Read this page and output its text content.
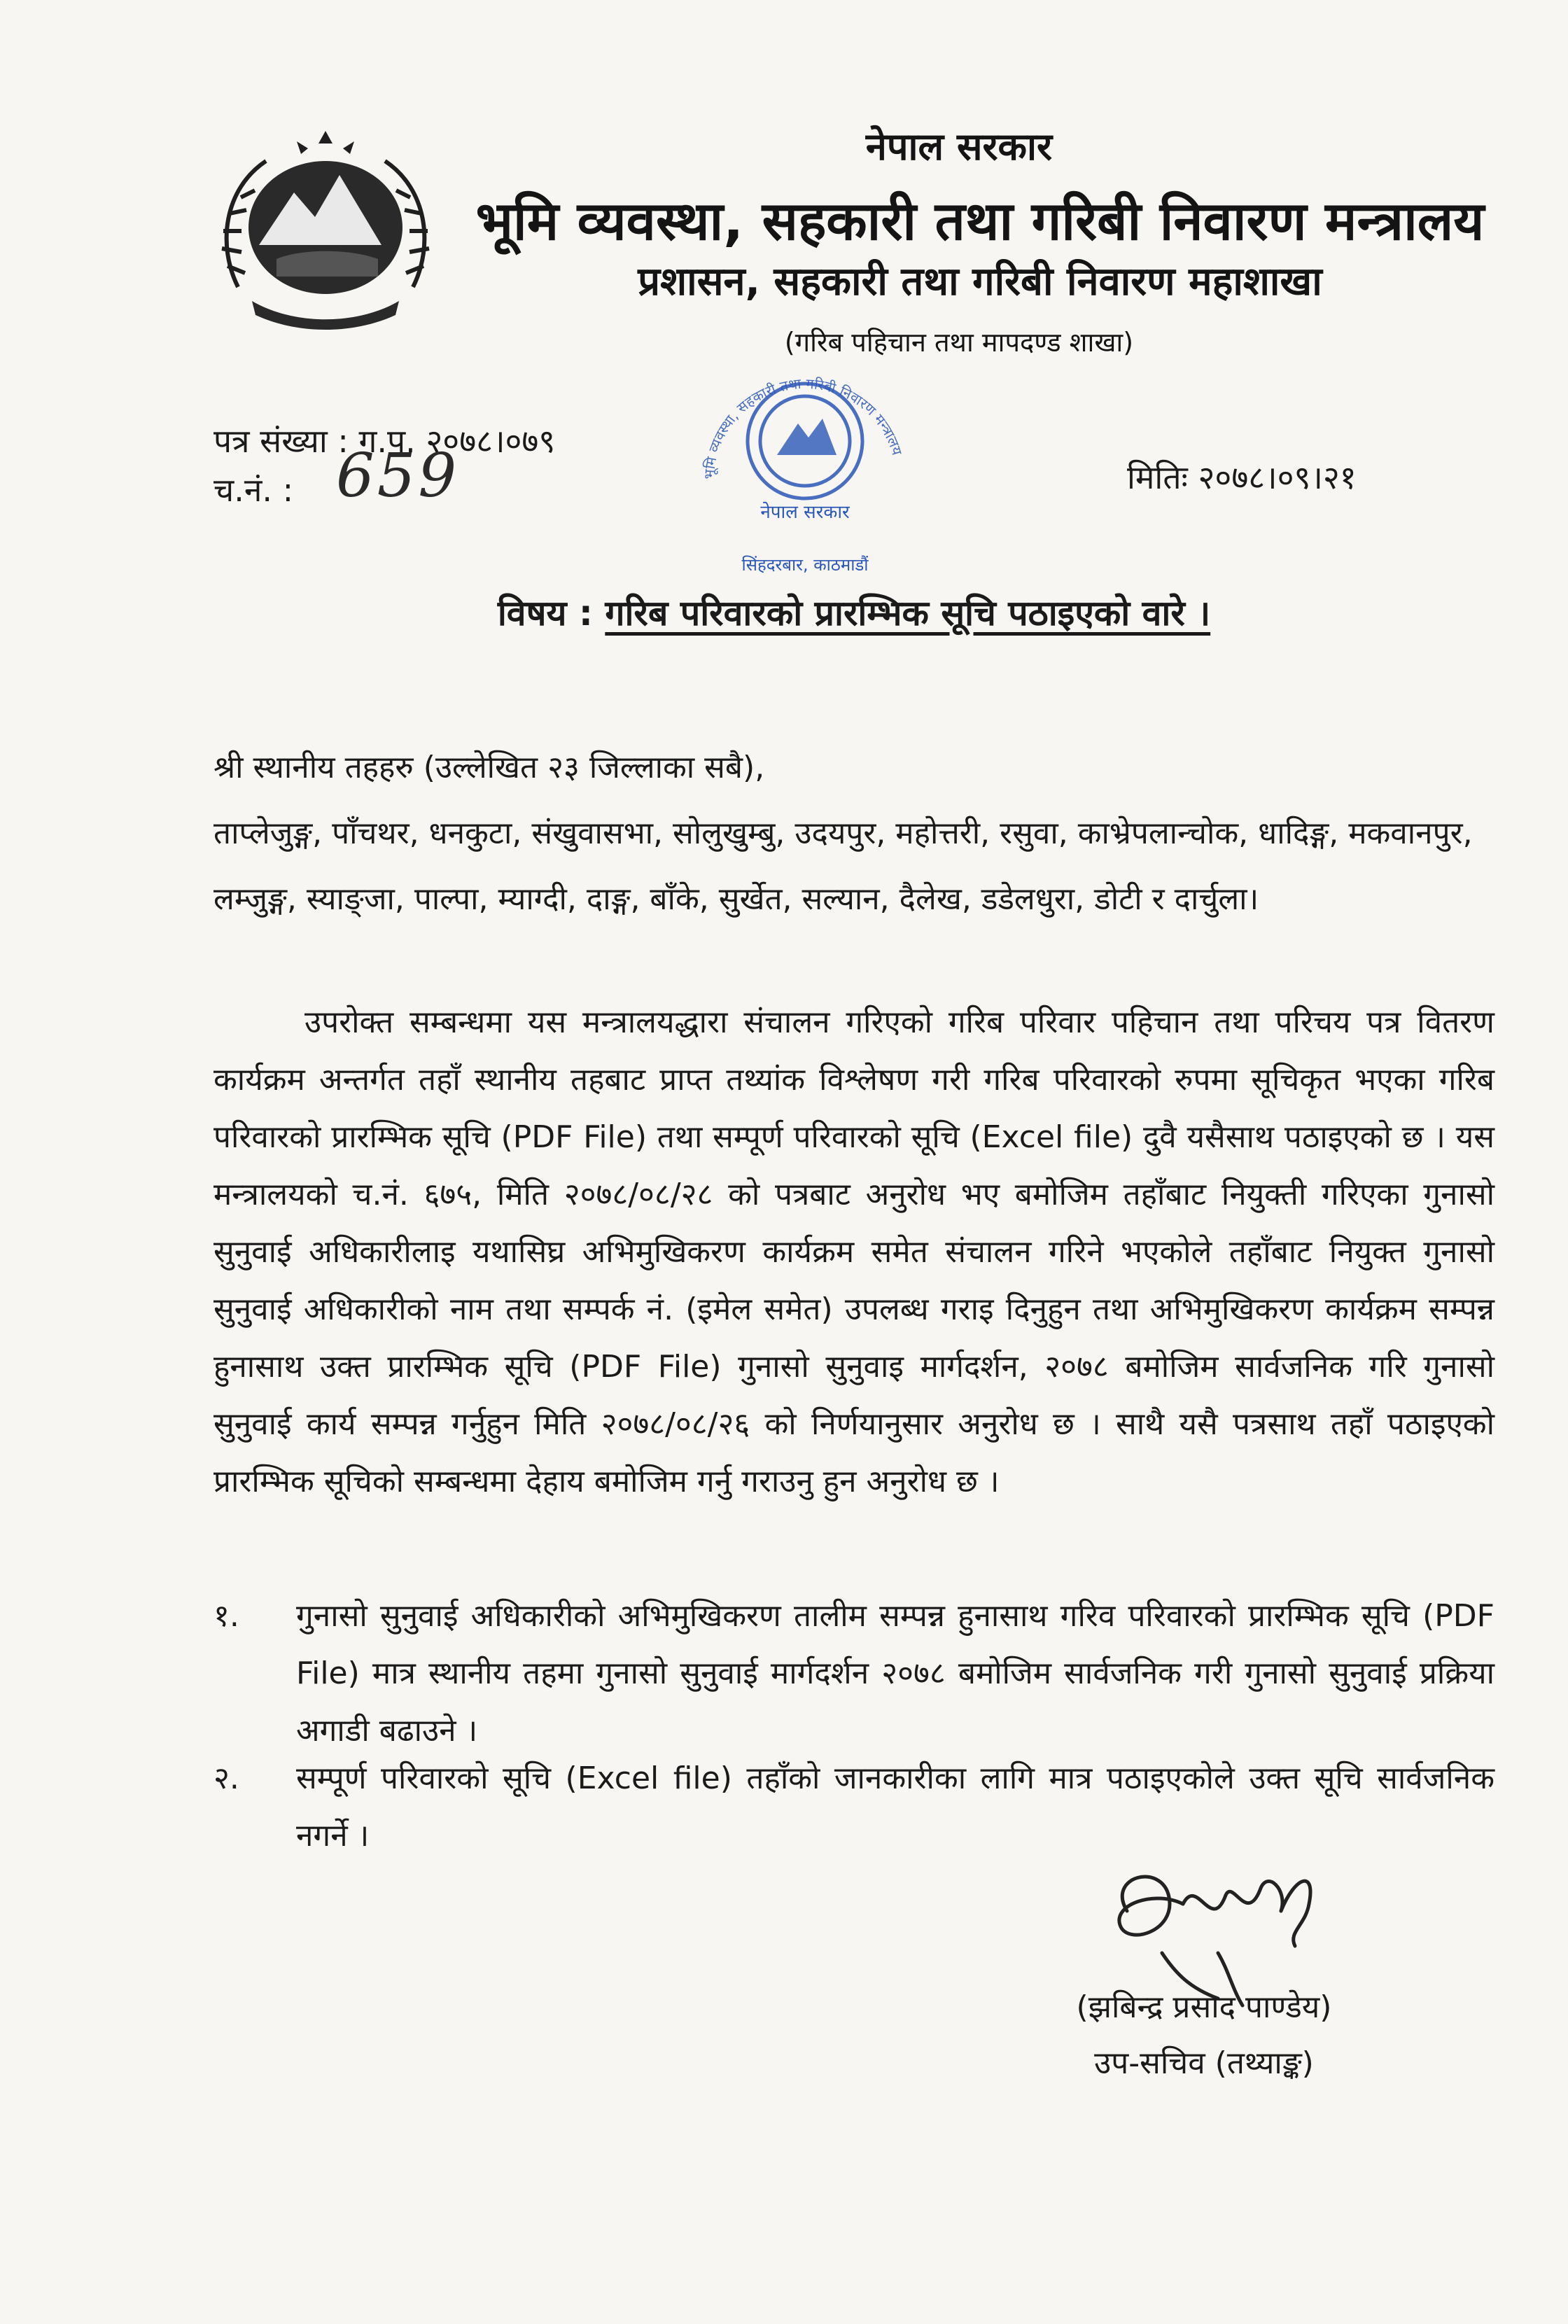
नेपाल सरकार
भूमि व्यवस्था, सहकारी तथा गरिबी निवारण मन्त्रालय
प्रशासन, सहकारी तथा गरिबी निवारण महाशाखा
(गरिब पहिचान तथा मापदण्ड शाखा)
नेपाल सरकार
भूमि व्यवस्था, सहकारी तथा गरिबी निवारण मन्त्रालय
सिंहदरबार, काठमाडौं
पत्र संख्या : ग.प. २०७८।०७९
च.नं. : 659	मितिः २०७८।०९।२१
विषय : गरिब परिवारको प्रारम्भिक सूचि पठाइएको वारे ।
श्री स्थानीय तहहरु (उल्लेखित २३ जिल्लाका सबै),
ताप्लेजुङ्ग, पाँचथर, धनकुटा, संखुवासभा, सोलुखुम्बु, उदयपुर, महोत्तरी, रसुवा, काभ्रेपलान्चोक, धादिङ्ग, मकवानपुर, लम्जुङ्ग, स्याङ्जा, पाल्पा, म्याग्दी, दाङ्ग, बाँके, सुर्खेत, सल्यान, दैलेख, डडेलधुरा, डोटी र दार्चुला।
उपरोक्त सम्बन्धमा यस मन्त्रालयद्धारा संचालन गरिएको गरिब परिवार पहिचान तथा परिचय पत्र वितरण कार्यक्रम अन्तर्गत तहाँ स्थानीय तहबाट प्राप्त तथ्यांक विश्लेषण गरी गरिब परिवारको रुपमा सूचिकृत भएका गरिब परिवारको प्रारम्भिक सूचि (PDF File) तथा सम्पूर्ण परिवारको सूचि (Excel file) दुवै यसैसाथ पठाइएको छ । यस मन्त्रालयको च.नं. ६७५, मिति २०७८/०८/२८ को पत्रबाट अनुरोध भए बमोजिम तहाँबाट नियुक्ती गरिएका गुनासो सुनुवाई अधिकारीलाइ यथासिघ्र अभिमुखिकरण कार्यक्रम समेत संचालन गरिने भएकोले तहाँबाट नियुक्त गुनासो सुनुवाई अधिकारीको नाम तथा सम्पर्क नं. (इमेल समेत) उपलब्ध गराइ दिनुहुन तथा अभिमुखिकरण कार्यक्रम सम्पन्न हुनासाथ उक्त प्रारम्भिक सूचि (PDF File) गुनासो सुनुवाइ मार्गदर्शन, २०७८ बमोजिम सार्वजनिक गरि गुनासो सुनुवाई कार्य सम्पन्न गर्नुहुन मिति २०७८/०८/२६ को निर्णयानुसार अनुरोध छ । साथै यसै पत्रसाथ तहाँ पठाइएको प्रारम्भिक सूचिको सम्बन्धमा देहाय बमोजिम गर्नु गराउनु हुन अनुरोध छ ।
१.	गुनासो सुनुवाई अधिकारीको अभिमुखिकरण तालीम सम्पन्न हुनासाथ गरिव परिवारको प्रारम्भिक सूचि (PDF File) मात्र स्थानीय तहमा गुनासो सुनुवाई मार्गदर्शन २०७८ बमोजिम सार्वजनिक गरी गुनासो सुनुवाई प्रक्रिया अगाडी बढाउने ।
२.	सम्पूर्ण परिवारको सूचि (Excel file) तहाँको जानकारीका लागि मात्र पठाइएकोले उक्त सूचि सार्वजनिक नगर्ने ।
(झबिन्द्र प्रसाद पाण्डेय)
उप-सचिव (तथ्याङ्क)
